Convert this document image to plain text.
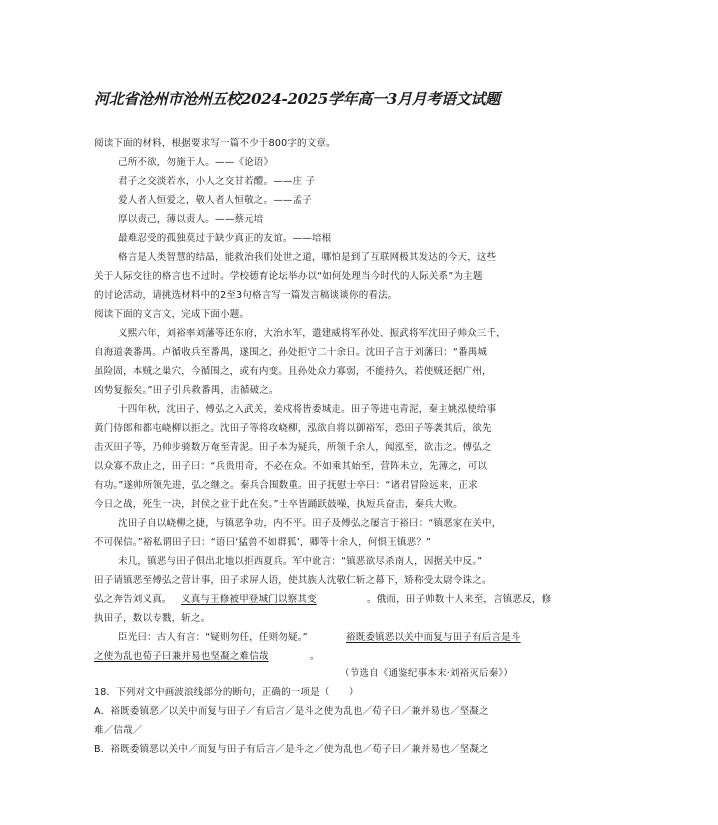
河北省沧州市沧州五校2024-2025学年高一3月月考语文试题
阅读下面的材料，根据要求写一篇不少于800字的文章。
己所不欲，勿施于人。——《论语》
君子之交淡若水，小人之交甘若醴。——庄 子
爱人者人恒爱之，敬人者人恒敬之。——孟子
厚以责己，薄以责人。——蔡元培
最难忍受的孤独莫过于缺少真正的友谊。——培根
格言是人类智慧的结晶，能救治我们处世之道，哪怕是到了互联网极其发达的今天，这些
关于人际交往的格言也不过时。学校德育论坛举办以“如何处理当今时代的人际关系”为主题
的讨论活动，请挑选材料中的2至3句格言写一篇发言稿谈谈你的看法。
阅读下面的文言文，完成下面小题。
义熙六年，刘裕率刘藩等还东府，大治水军，遣建威将军孙处、振武将军沈田子帅众三千，
自海道袭番禺。卢循收兵至番禺，遂围之，孙处拒守二十余日。沈田子言于刘藩曰：“番禺城
虽险固，本贼之巢穴，今循围之，或有内变。且孙处众力寡弱，不能持久，若使贼还据广州，
凶势复振矣。”田子引兵救番禺，击循破之。
十四年秋，沈田子、傅弘之入武关，姜戍将皆委城走。田子等进屯青泥，秦主姚泓使给事
黄门侍郎和都屯峣柳以拒之。沈田子等将攻峣柳，泓欲自将以御裕军，恐田子等袭其后，欲先
击灭田子等，乃帅步骑数万奄至青泥。田子本为疑兵，所领千余人，闻泓至，欲击之。傅弘之
以众寡不敌止之，田子曰：“兵贵用奇，不必在众。不如乘其始至，营阵未立，先薄之，可以
有功。”遂帅所领先进，弘之继之。秦兵合围数重。田子抚慰士卒曰：“诸君冒险远来，正求
今日之战，死生一决，封侯之业于此在矣。”士卒皆踊跃鼓噪，执短兵奋击，秦兵大败。
沈田子自以峣柳之捷，与镇恶争功，内不平。田子及傅弘之屡言于裕曰：“镇恶家在关中，
不可保信。”裕私谓田子曰：“语曰‘猛兽不如群狐’，卿等十余人，何惧王镇恶？”
未几，镇恶与田子俱出北地以拒西夏兵。军中讹言：“镇恶欲尽杀南人，因据关中反。”
田子请镇恶至傅弘之营计事，田子求屏人语，使其族人沈敬仁斩之幕下，矫称受太尉令诛之。
弘之奔告刘义真。 义真与王修被甲登城门以察其变	。俄而，田子帅数十人来至，言镇恶反，修
执田子，数以专戮，斩之。
臣光曰：古人有言：“疑则勿任，任则勿疑。”	裕既委镇恶以关中而复与田子有后言是斗
之使为乱也荀子曰兼并易也坚凝之难信哉	。
（节选自《通鉴纪事本末·刘裕灭后秦》）
18．下列对文中画波浪线部分的断句，正确的一项是（　　）
A．裕既委镇恶／以关中而复与田子／有后言／是斗之使为乱也／荀子曰／兼并易也／坚凝之
难／信哉／
B．裕既委镇恶以关中／而复与田子有后言／是斗之／使为乱也／荀子曰／兼并易也／坚凝之
